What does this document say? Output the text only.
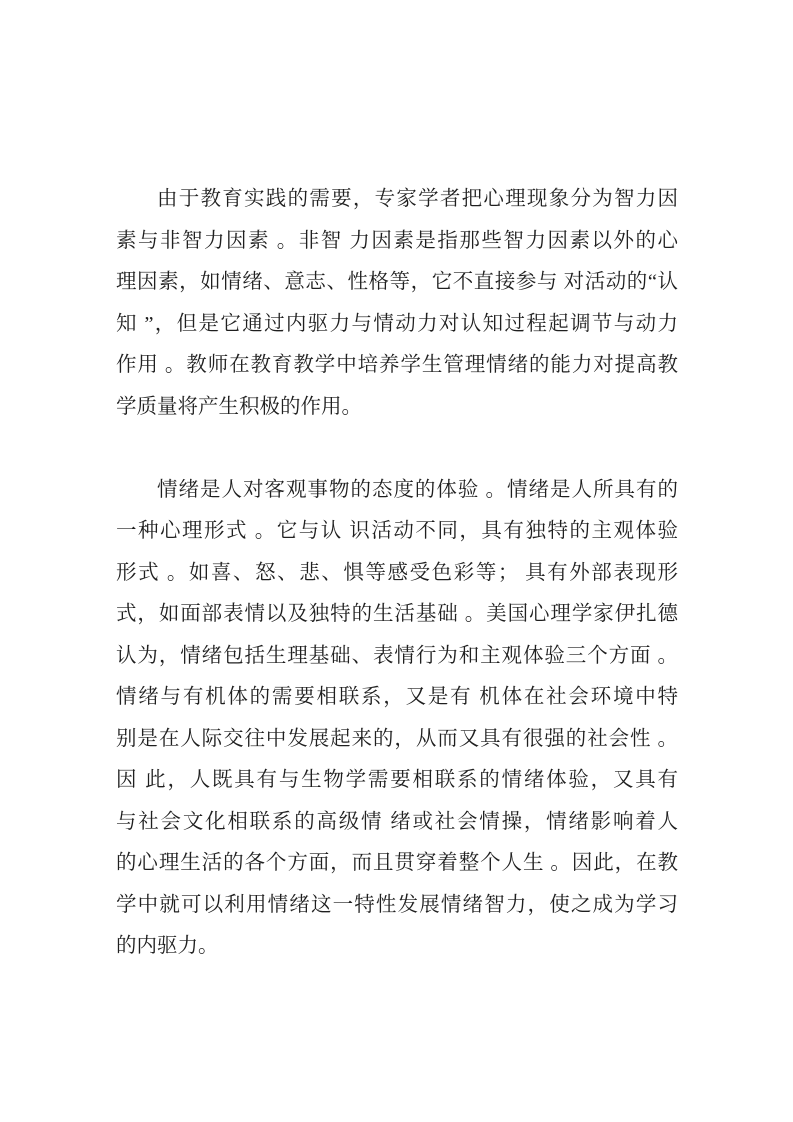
由于教育实践的需要，专家学者把心理现象分为智力因
素与非智力因素 。非智 力因素是指那些智力因素以外的心
理因素，如情绪、意志、性格等，它不直接参与 对活动的“认
知 ”，但是它通过内驱力与情动力对认知过程起调节与动力
作用 。教师在教育教学中培养学生管理情绪的能力对提高教
学质量将产生积极的作用。
情绪是人对客观事物的态度的体验 。情绪是人所具有的
一种心理形式 。它与认 识活动不同，具有独特的主观体验
形式 。如喜、怒、悲、惧等感受色彩等； 具有外部表现形
式，如面部表情以及独特的生活基础 。美国心理学家伊扎德
认为，情绪包括生理基础、表情行为和主观体验三个方面 。
情绪与有机体的需要相联系，又是有 机体在社会环境中特
别是在人际交往中发展起来的，从而又具有很强的社会性 。
因 此，人既具有与生物学需要相联系的情绪体验，又具有
与社会文化相联系的高级情 绪或社会情操，情绪影响着人
的心理生活的各个方面，而且贯穿着整个人生 。因此，在教
学中就可以利用情绪这一特性发展情绪智力，使之成为学习
的内驱力。
